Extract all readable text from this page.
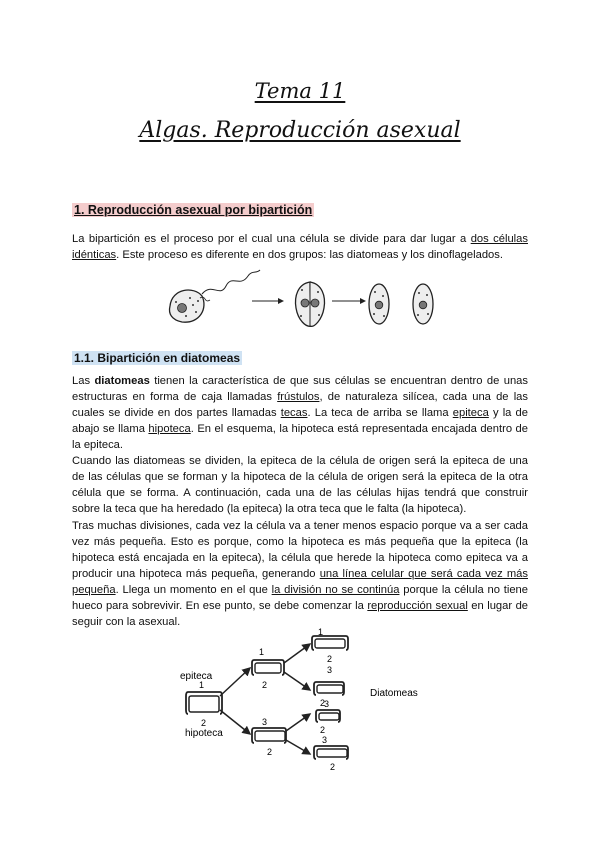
Tema 11
Algas. Reproducción asexual
1. Reproducción asexual por bipartición

La bipartición es el proceso por el cual una célula se divide para dar lugar a dos células idénticas. Este proceso es diferente en dos grupos: las diatomeas y los dinoflagelados.

1.1. Bipartición en diatomeas

Las diatomeas tienen la característica de que sus células se encuentran dentro de unas estructuras en forma de caja llamadas frústulos, de naturaleza silícea, cada una de las cuales se divide en dos partes llamadas tecas. La teca de arriba se llama epiteca y la de abajo se llama hipoteca. En el esquema, la hipoteca está representada encajada dentro de la epiteca.

Cuando las diatomeas se dividen, la epiteca de la célula de origen será la epiteca de una de las células que se forman y la hipoteca de la célula de origen será la epiteca de la otra célula que se forma. A continuación, cada una de las células hijas tendrá que construir sobre la teca que ha heredado (la epiteca) la otra teca que le falta (la hipoteca).

Tras muchas divisiones, cada vez la célula va a tener menos espacio porque va a ser cada vez más pequeña. Esto es porque, como la hipoteca es más pequeña que la epiteca (la hipoteca está encajada en la epiteca), la célula que herede la hipoteca como epiteca va a producir una hipoteca más pequeña, generando una línea celular que será cada vez más pequeña. Llega un momento en el que la división no se continúa porque la célula no tiene hueco para sobrevivir. En ese punto, se debe comenzar la reproducción sexual en lugar de seguir con la asexual.

epiteca
1
2
hipoteca
1
2
3
2
1
2
3
2
3
2
3
2
Diatomeas
